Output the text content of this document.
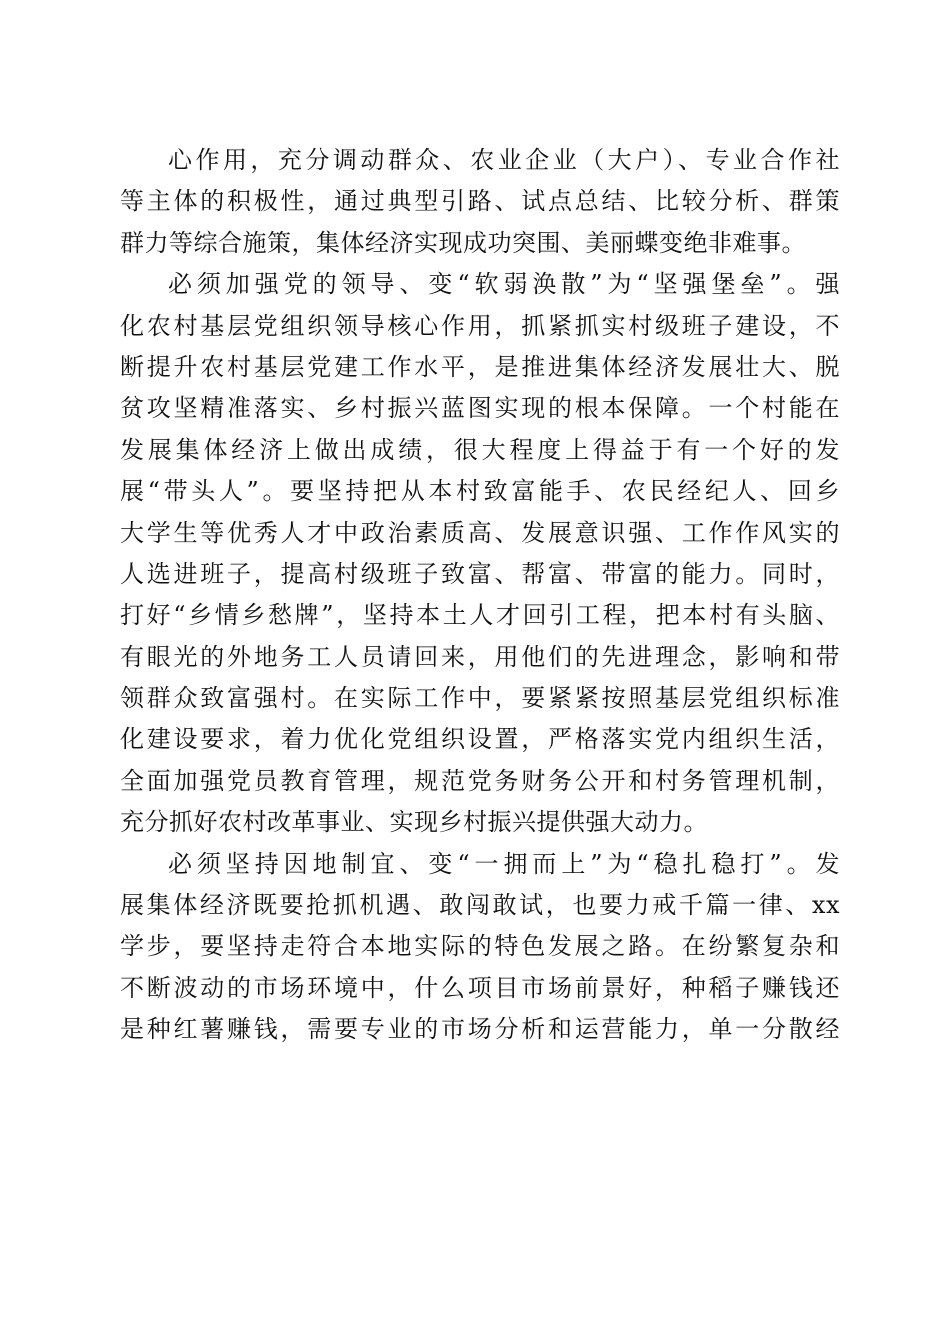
心作用，充分调动群众、农业企业（大户）、专业合作社
等主体的积极性，通过典型引路、试点总结、比较分析、群策
群力等综合施策，集体经济实现成功突围、美丽蝶变绝非难事。
必须加强党的领导、变“软弱涣散”为“坚强堡垒”。强
化农村基层党组织领导核心作用，抓紧抓实村级班子建设，不
断提升农村基层党建工作水平，是推进集体经济发展壮大、脱
贫攻坚精准落实、乡村振兴蓝图实现的根本保障。一个村能在
发展集体经济上做出成绩，很大程度上得益于有一个好的发
展“带头人”。要坚持把从本村致富能手、农民经纪人、回乡
大学生等优秀人才中政治素质高、发展意识强、工作作风实的
人选进班子，提高村级班子致富、帮富、带富的能力。同时，
打好“乡情乡愁牌”，坚持本土人才回引工程，把本村有头脑、
有眼光的外地务工人员请回来，用他们的先进理念，影响和带
领群众致富强村。在实际工作中，要紧紧按照基层党组织标准
化建设要求，着力优化党组织设置，严格落实党内组织生活，
全面加强党员教育管理，规范党务财务公开和村务管理机制，
充分抓好农村改革事业、实现乡村振兴提供强大动力。
必须坚持因地制宜、变“一拥而上”为“稳扎稳打”。发
展集体经济既要抢抓机遇、敢闯敢试，也要力戒千篇一律、xx
学步，要坚持走符合本地实际的特色发展之路。在纷繁复杂和
不断波动的市场环境中，什么项目市场前景好，种稻子赚钱还
是种红薯赚钱，需要专业的市场分析和运营能力，单一分散经
